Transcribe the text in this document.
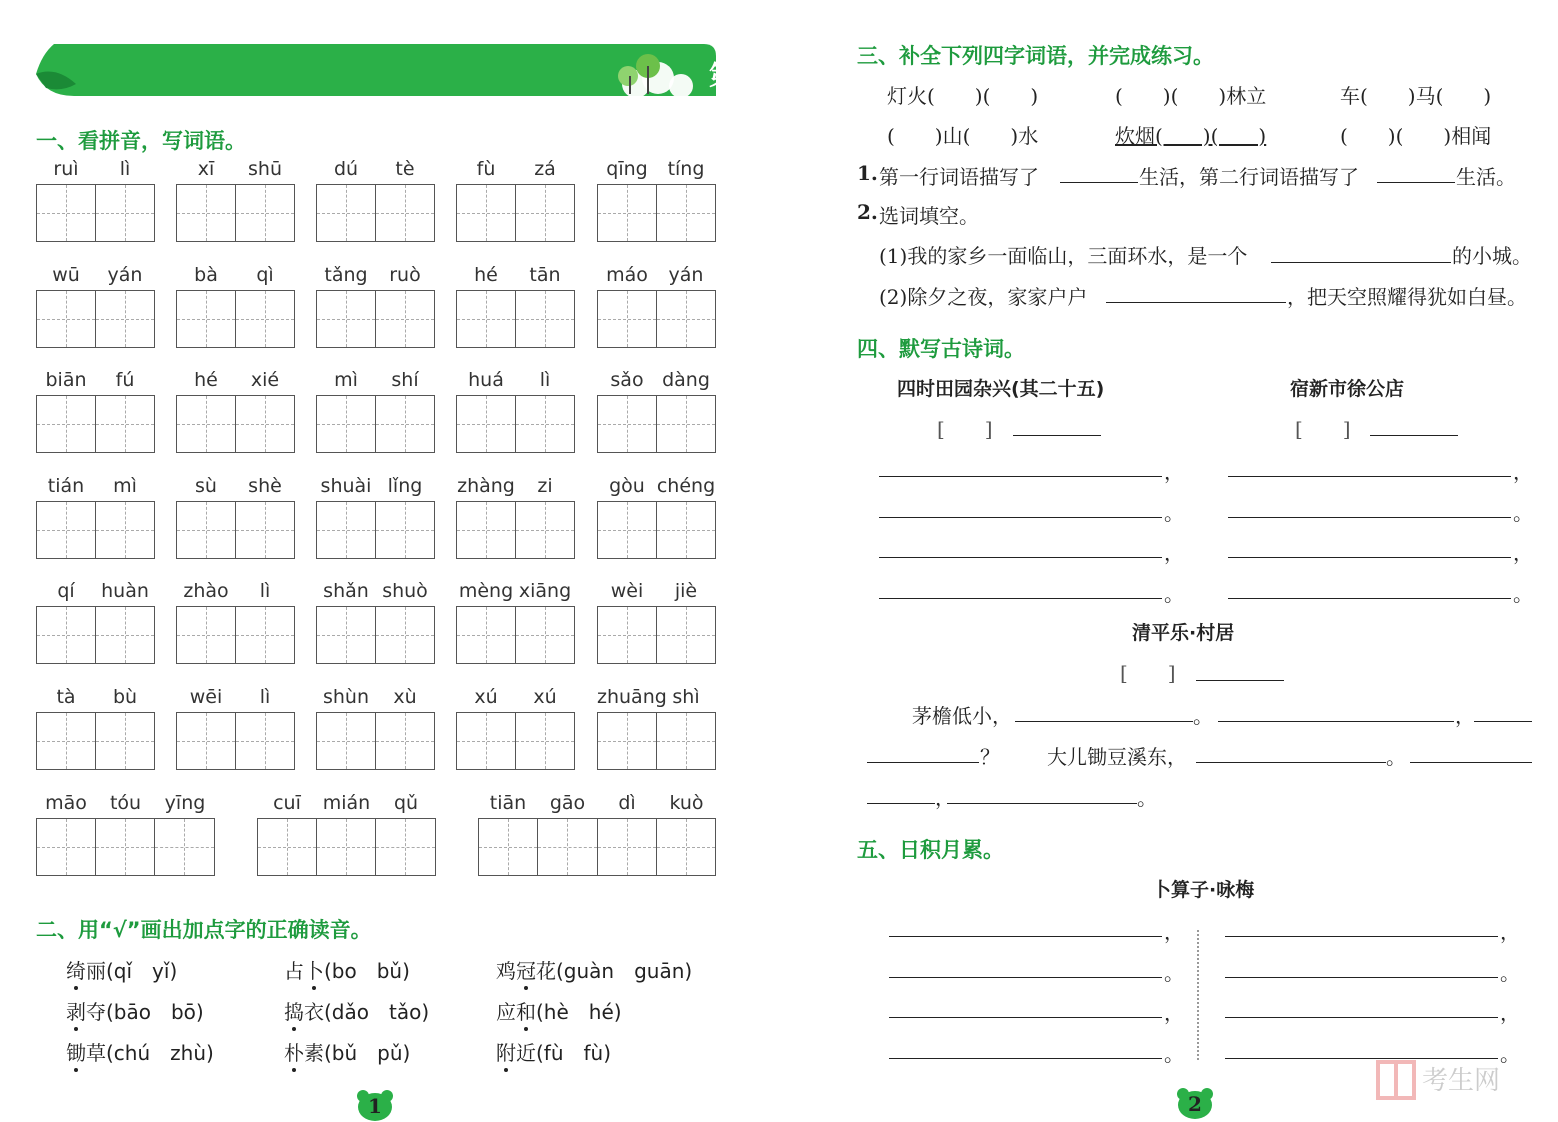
第一单元
一、看拼音，写词语。
ruì	lì	xī	shū	dú	tè	fù	zá	qīng	tíng
wū	yán	bà	qì	tǎng	ruò	hé	tān	máo	yán
biān	fú	hé	xié	mì	shí	huá	lì	sǎo dàng
tián	mì	sù	shè	shuài lǐng	zhàng	zi	gòu chéng
qí	huàn	zhào	lì	shǎn shuò	mèng xiāng	wèi	jiè
tà	bù	wēi	lì	shùn	xù	xú	xú	zhuāng shì
māo	tóu	yīng	cuī	mián	qǔ	tiān	gāo	dì	kuò
二、用“√”画出加点字的正确读音。
绮丽(qǐ　yǐ)	占卜(bo　bǔ)	鸡冠花(guàn　guān)
剥夺(bāo　bō)	捣衣(dǎo　tǎo)	应和(hè　hé)
锄草(chú　zhù)	朴素(bǔ　pǔ)	附近(fù　fù)
1
三、补全下列四字词语，并完成练习。
灯火(　　)(　　)	(　　)(　　)林立	车(　　)马(　　)
(　　)山(　　)水	炊烟(　　)(　　)	(　　)(　　)相闻
1. 第一行词语描写了	生活，第二行词语描写了	生活。
2. 选词填空。
(1)我的家乡一面临山，三面环水，是一个	的小城。
(2)除夕之夜，家家户户	，把天空照耀得犹如白昼。
四、默写古诗词。
四时田园杂兴(其二十五)	宿新市徐公店
[　　]	[　　]
，
。
，
。
，
。
，
。
清平乐·村居
[　　]
茅檐低小，	。	，
？ 大儿锄豆溪东，	。
，	。
五、日积月累。
卜算子·咏梅
，
。
，
。
，
。
，
。
2
考生网
